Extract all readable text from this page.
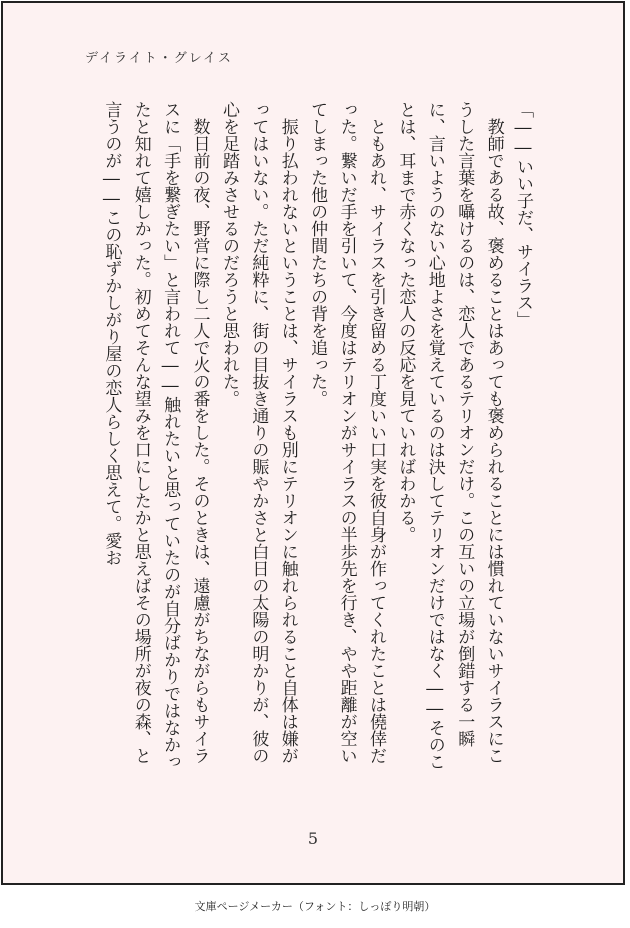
デイライト・グレイス

「――いい子だ、サイラス」

　教師である故、褒めることはあっても褒められることには慣れていないサイラスにこうした言葉を囁けるのは、恋人であるテリオンだけ。この互いの立場が倒錯する一瞬に、言いようのない心地よさを覚えているのは決してテリオンだけではなく――そのことは、耳まで赤くなった恋人の反応を見ていればわかる。

　ともあれ、サイラスを引き留める丁度いい口実を彼自身が作ってくれたことは僥倖だった。繋いだ手を引いて、今度はテリオンがサイラスの半歩先を行き、やや距離が空いてしまった他の仲間たちの背を追った。

　振り払われないということは、サイラスも別にテリオンに触れられること自体は嫌がってはいない。ただ純粋に、街の目抜き通りの賑やかさと白日の太陽の明かりが、彼の心を足踏みさせるのだろうと思われた。

　数日前の夜、野営に際し二人で火の番をした。そのときは、遠慮がちながらもサイラスに「手を繋ぎたい」と言われて――触れたいと思っていたのが自分ばかりではなかったと知れて嬉しかった。初めてそんな望みを口にしたかと思えばその場所が夜の森、と言うのが――この恥ずかしがり屋の恋人らしく思えて。愛お

5
文庫ページメーカー（フォント：しっぽり明朝）
